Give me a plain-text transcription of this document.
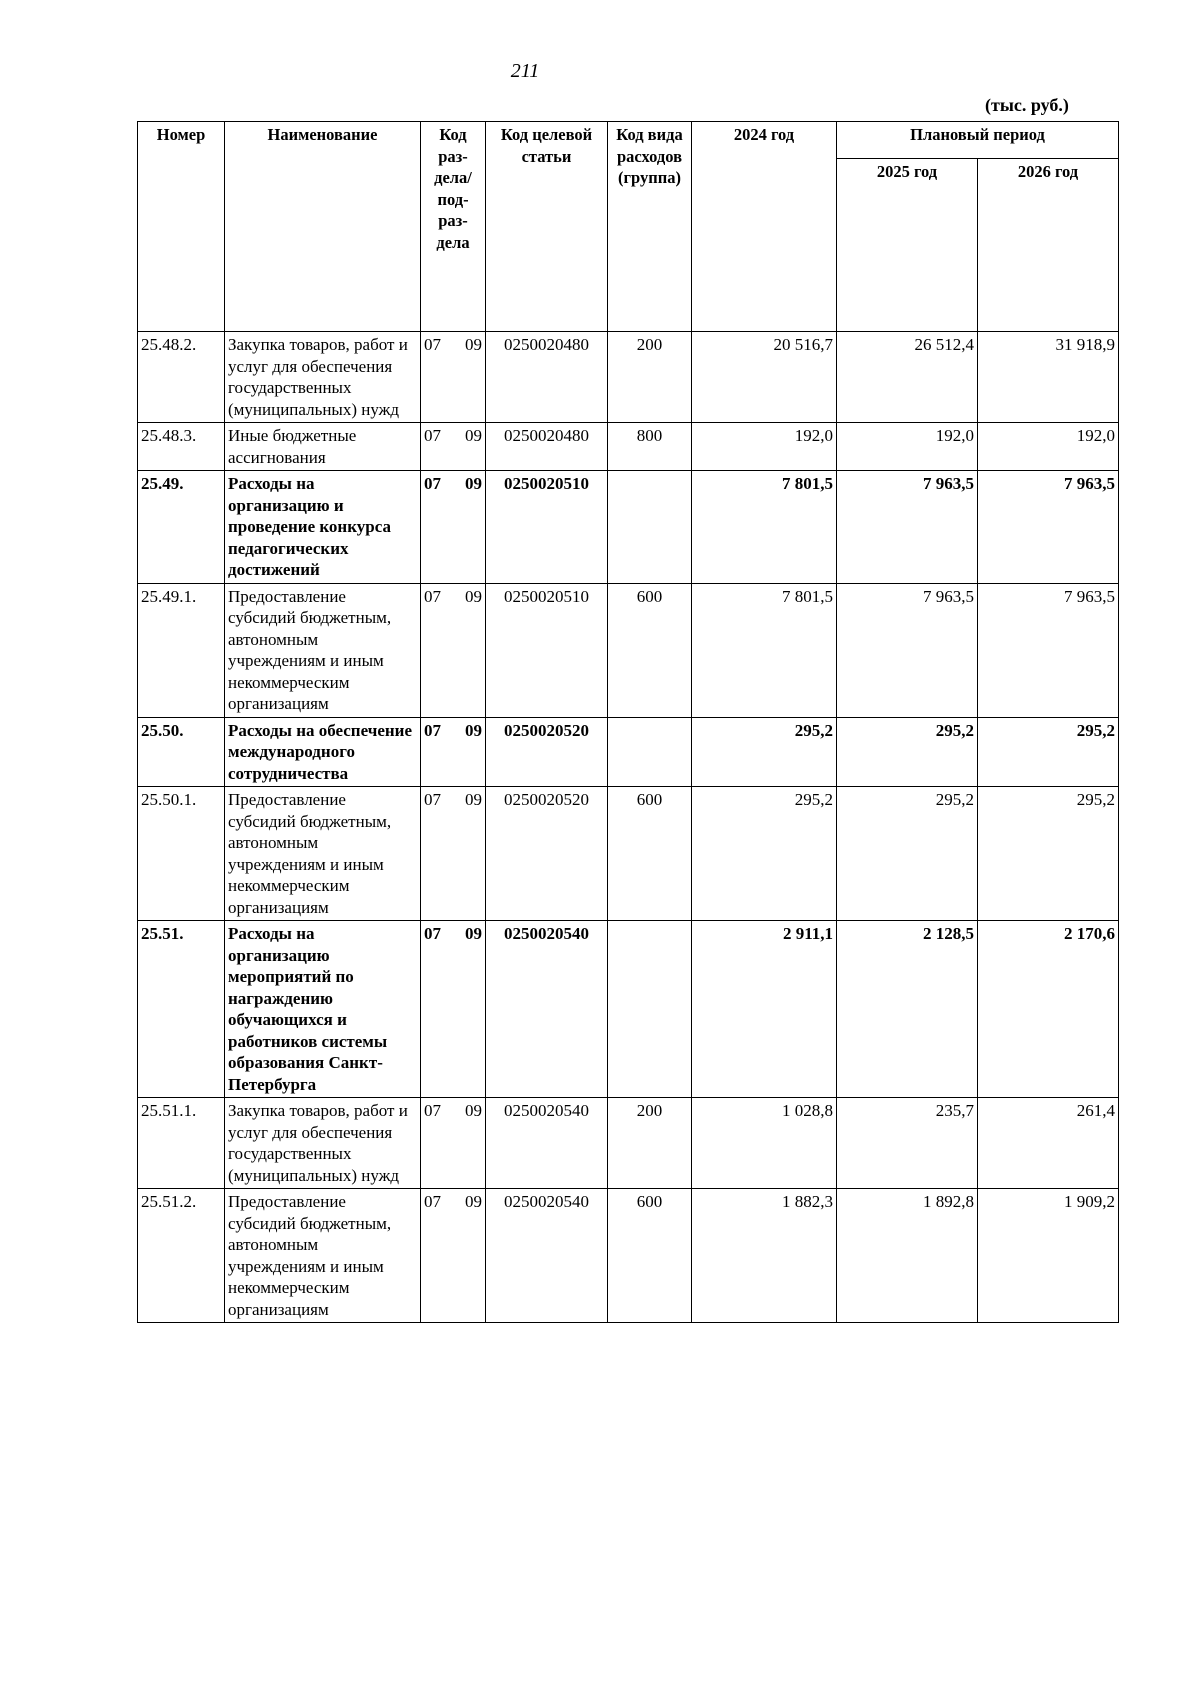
211
(тыс. руб.)
Номер	Наименование	Код раз-дела/ под-раз-дела	Код целевой статьи	Код вида расходов (группа)	2024 год	Плановый период	
						2025 год	2026 год
25.48.2.	Закупка товаров, работ и услуг для обеспечения государственных (муниципальных) нужд	07 09	0250020480	200	20 516,7	26 512,4	31 918,9
25.48.3.	Иные бюджетные ассигнования	07 09	0250020480	800	192,0	192,0	192,0
25.49.	Расходы на организацию и проведение конкурса педагогических достижений	07 09	0250020510		7 801,5	7 963,5	7 963,5
25.49.1.	Предоставление субсидий бюджетным, автономным учреждениям и иным некоммерческим организациям	07 09	0250020510	600	7 801,5	7 963,5	7 963,5
25.50.	Расходы на обеспечение международного сотрудничества	07 09	0250020520		295,2	295,2	295,2
25.50.1.	Предоставление субсидий бюджетным, автономным учреждениям и иным некоммерческим организациям	07 09	0250020520	600	295,2	295,2	295,2
25.51.	Расходы на организацию мероприятий по награждению обучающихся и работников системы образования Санкт-Петербурга	07 09	0250020540		2 911,1	2 128,5	2 170,6
25.51.1.	Закупка товаров, работ и услуг для обеспечения государственных (муниципальных) нужд	07 09	0250020540	200	1 028,8	235,7	261,4
25.51.2.	Предоставление субсидий бюджетным, автономным учреждениям и иным некоммерческим организациям	07 09	0250020540	600	1 882,3	1 892,8	1 909,2
